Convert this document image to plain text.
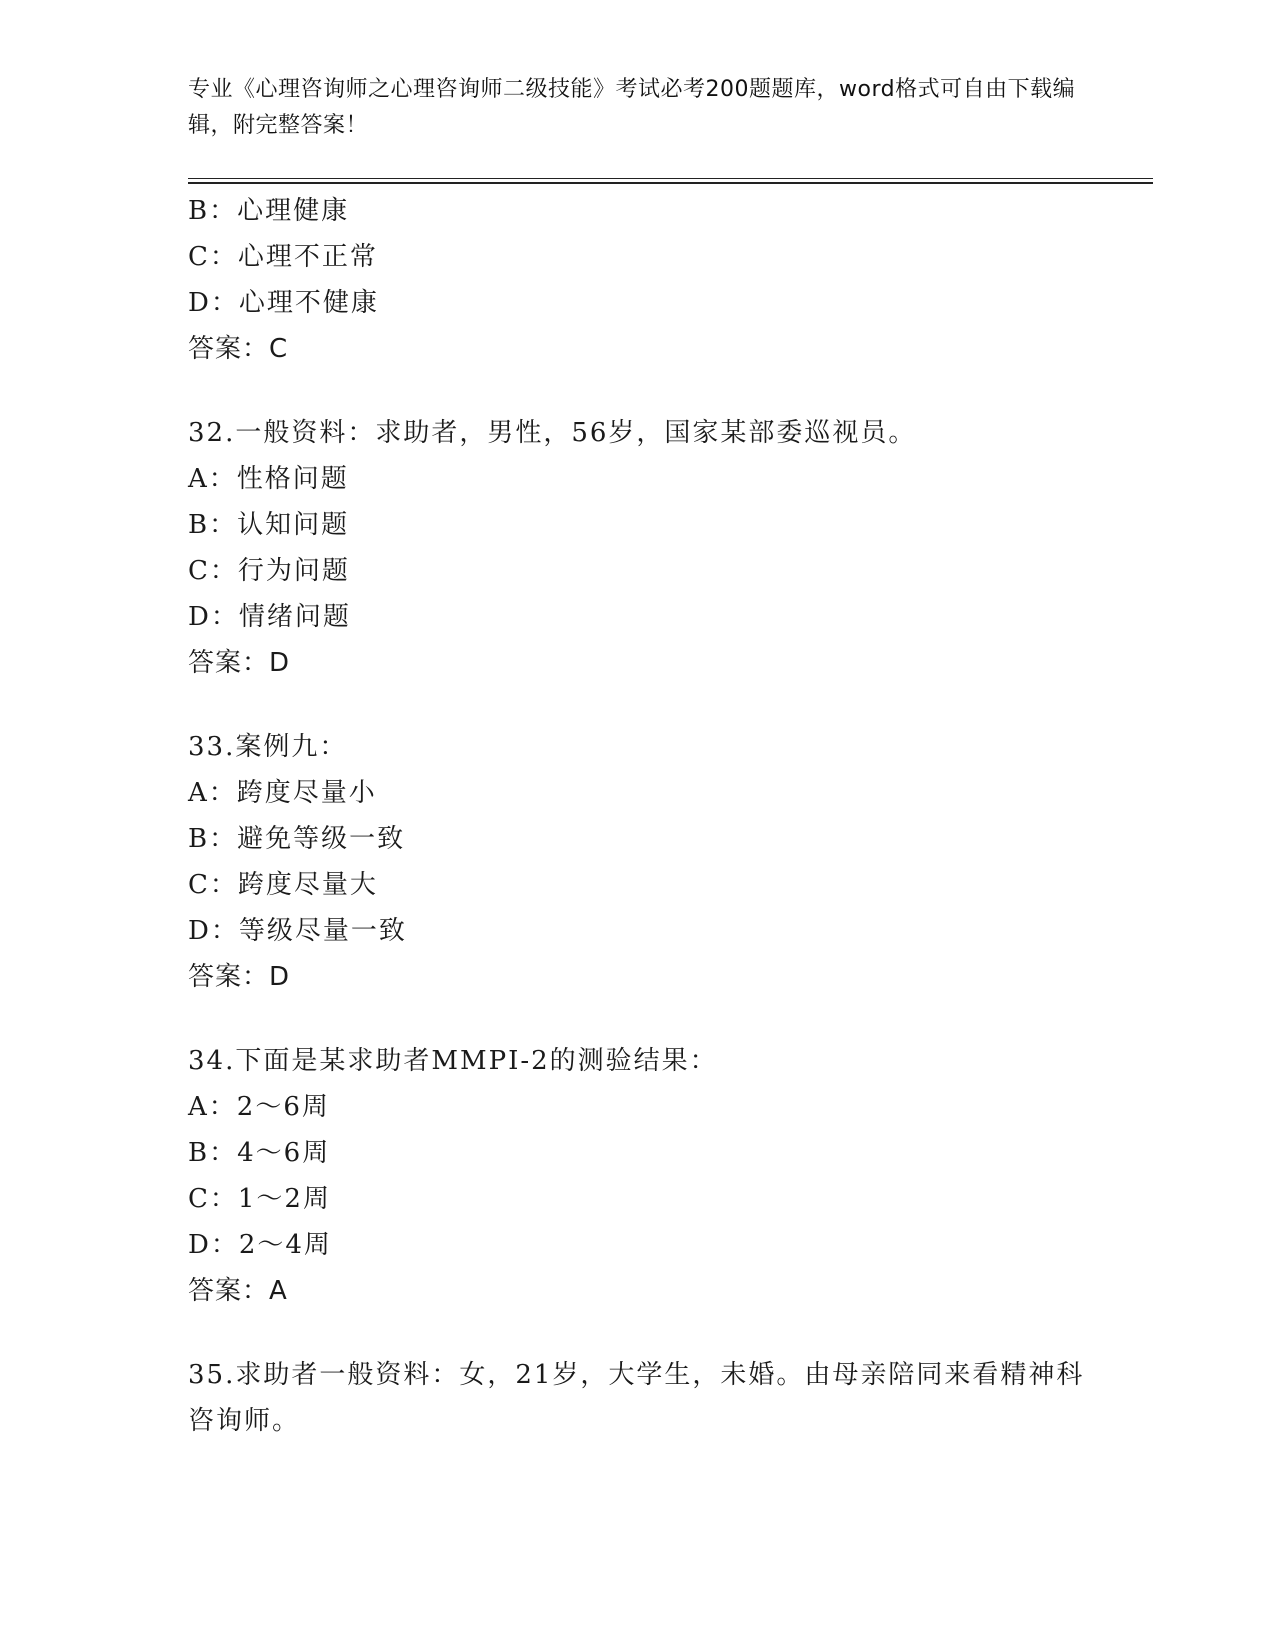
专业《心理咨询师之心理咨询师二级技能》考试必考200题题库，word格式可自由下载编辑，附完整答案！
B：心理健康
C：心理不正常
D：心理不健康
答案：C
32.一般资料：求助者，男性，56岁，国家某部委巡视员。
A：性格问题
B：认知问题
C：行为问题
D：情绪问题
答案：D
33.案例九：
A：跨度尽量小
B：避免等级一致
C：跨度尽量大
D：等级尽量一致
答案：D
34.下面是某求助者MMPI-2的测验结果：
A：2～6周
B：4～6周
C：1～2周
D：2～4周
答案：A
35.求助者一般资料：女，21岁，大学生，未婚。由母亲陪同来看精神科咨询师。
